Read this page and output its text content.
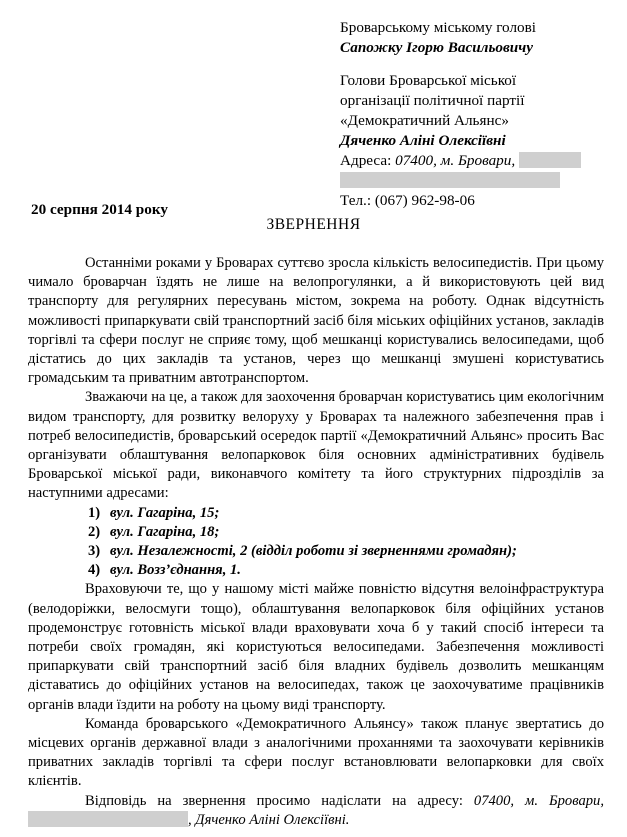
Броварському міському голові
Сапожку Ігорю Васильовичу
Голови Броварської міської
організації політичної партії
«Демократичний Альянс»
Дяченко Аліні Олексіївні
Адреса: 07400, м. Бровари,
Тел.: (067) 962-98-06
20 серпня 2014 року
ЗВЕРНЕННЯ

Останніми роками у Броварах суттєво зросла кількість велосипедистів. При цьому чимало броварчан їздять не лише на велопрогулянки, а й використовують цей вид транспорту для регулярних пересувань містом, зокрема на роботу. Однак відсутність можливості припаркувати свій транспортний засіб біля міських офіційних установ, закладів торгівлі та сфери послуг не сприяє тому, щоб мешканці користувались велосипедами, щоб дістатись до цих закладів та установ, через що мешканці змушені користуватись громадським та приватним автотранспортом.

Зважаючи на це, а також для заохочення броварчан користуватись цим екологічним видом транспорту, для розвитку велоруху у Броварах та належного забезпечення прав і потреб велосипедистів, броварський осередок партії «Демократичний Альянс» просить Вас організувати облаштування велопарковок біля основних адміністративних будівель Броварської міської ради, виконавчого комітету та його структурних підрозділів за наступними адресами:

1) вул. Гагаріна, 15;
2) вул. Гагаріна, 18;
3) вул. Незалежності, 2 (відділ роботи зі зверненнями громадян);
4) вул. Возз’єднання, 1.

Враховуючи те, що у нашому місті майже повністю відсутня велоінфраструктура (велодоріжки, велосмуги тощо), облаштування велопарковок біля офіційних установ продемонструє готовність міської влади враховувати хоча б у такий спосіб інтереси та потреби своїх громадян, які користуються велосипедами. Забезпечення можливості припаркувати свій транспортний засіб біля владних будівель дозволить мешканцям діставатись до офіційних установ на велосипедах, також це заохочуватиме працівників органів влади їздити на роботу на цьому виді транспорту.

Команда броварського «Демократичного Альянсу» також планує звертатись до місцевих органів державної влади з аналогічними проханнями та заохочувати керівників приватних закладів торгівлі та сфери послуг встановлювати велопарковки для своїх клієнтів.

Відповідь на звернення просимо надіслати на адресу: 07400, м. Бровари, , Дяченко Аліні Олексіївні.
